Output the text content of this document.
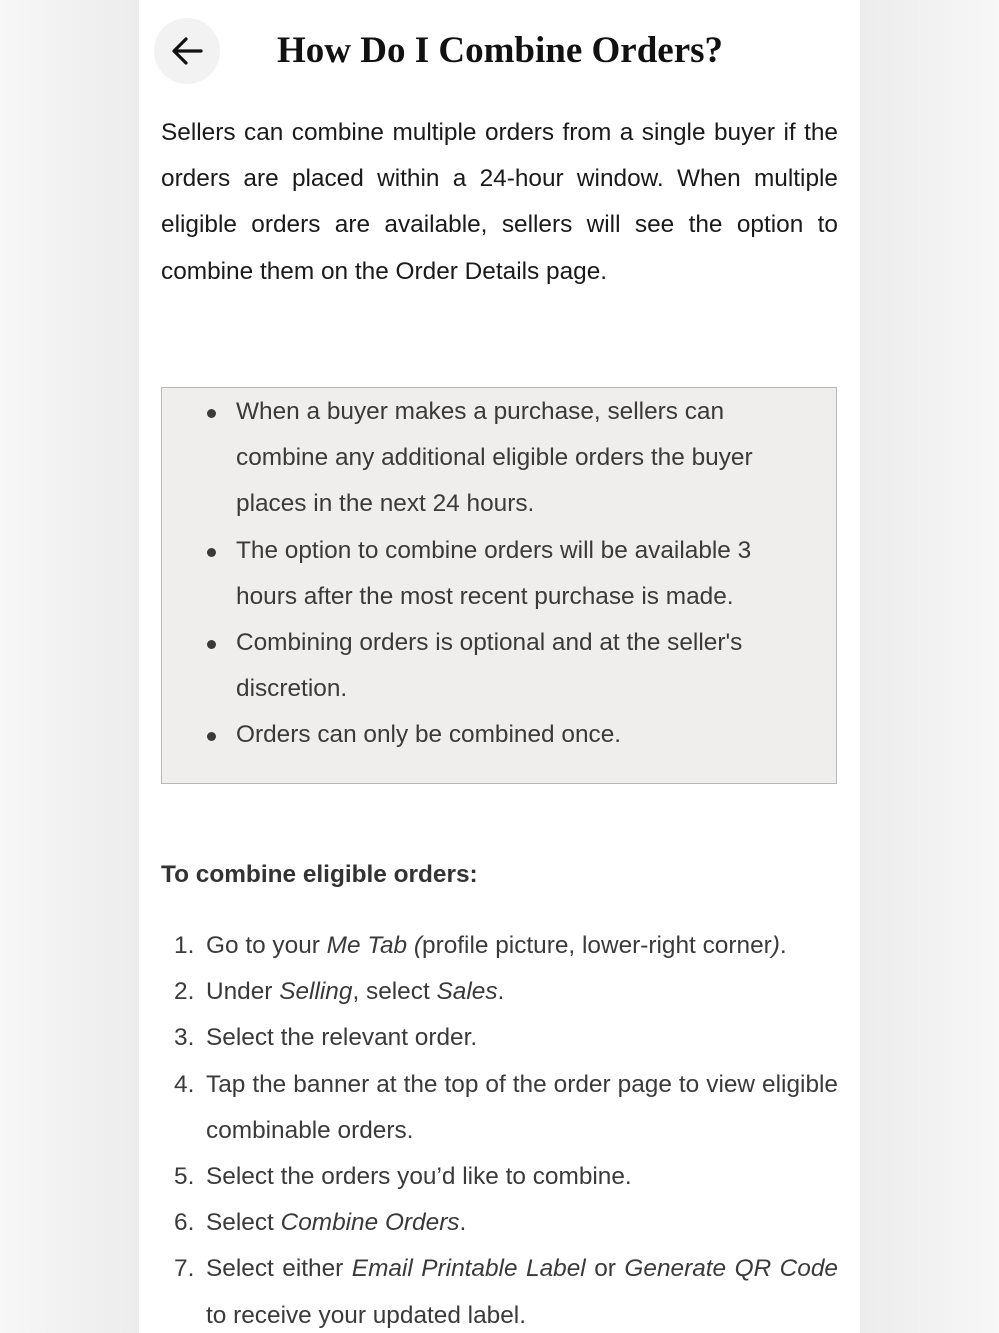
How Do I Combine Orders?

Sellers can combine multiple orders from a single buyer if the orders are placed within a 24-hour window. When multiple eligible orders are available, sellers will see the option to combine them on the Order Details page.

When a buyer makes a purchase, sellers can combine any additional eligible orders the buyer places in the next 24 hours.
The option to combine orders will be available 3 hours after the most recent purchase is made.
Combining orders is optional and at the seller's discretion.
Orders can only be combined once.
To combine eligible orders:
1. Go to your Me Tab (profile picture, lower-right corner).
2. Under Selling, select Sales.
3. Select the relevant order.
4. Tap the banner at the top of the order page to view eligible combinable orders.
5. Select the orders you’d like to combine.
6. Select Combine Orders.
7. Select either Email Printable Label or Generate QR Code to receive your updated label.
